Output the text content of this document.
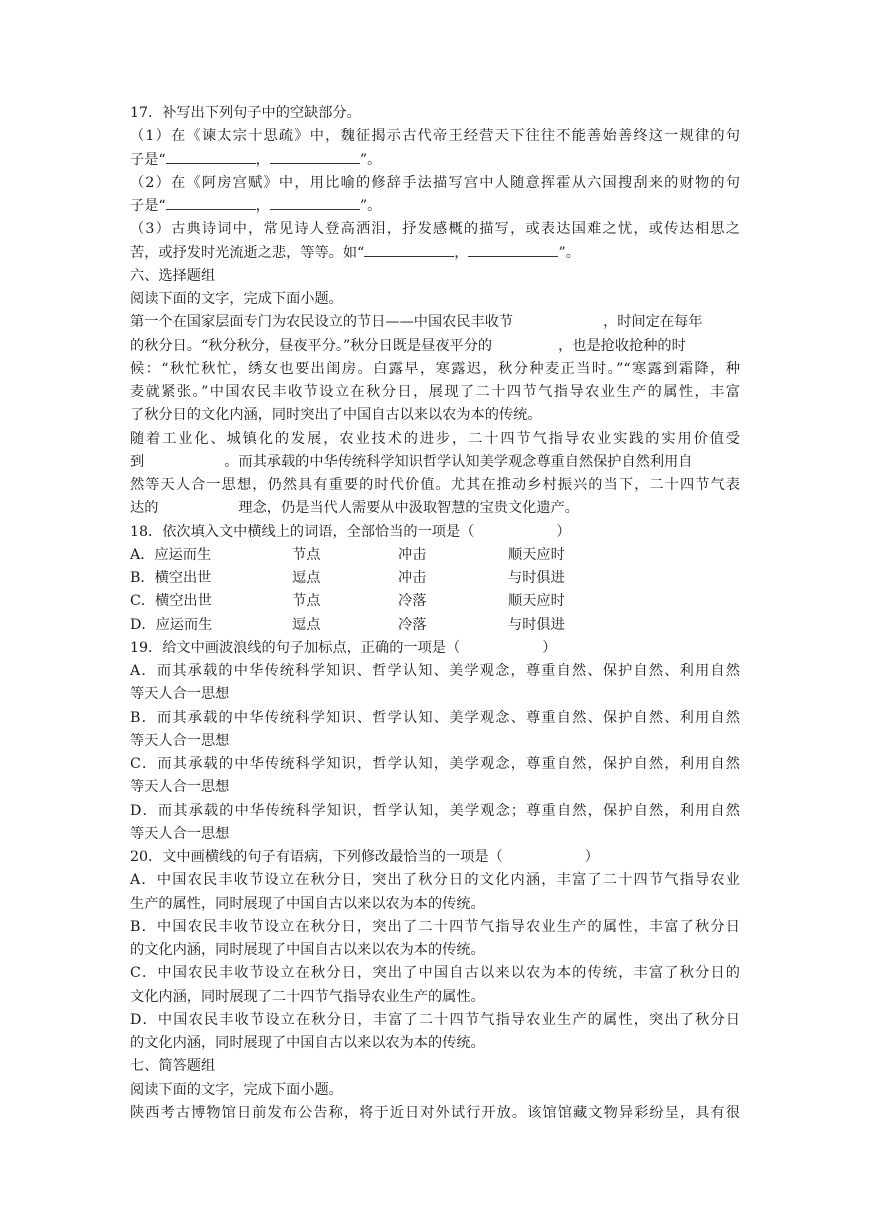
17．补写出下列句子中的空缺部分。
（1）在《谏太宗十思疏》中，魏征揭示古代帝王经营天下往往不能善始善终这一规律的句
子是“	，	”。
（2）在《阿房宫赋》中，用比喻的修辞手法描写宫中人随意挥霍从六国搜刮来的财物的句
子是“	，	”。
（3）古典诗词中，常见诗人登高洒泪，抒发感概的描写，或表达国难之忧，或传达相思之
苦，或抒发时光流逝之悲，等等。如“	，	”。
六、选择题组
阅读下面的文字，完成下面小题。
第一个在国家层面专门为农民设立的节日——中国农民丰收节	，时间定在每年
的秋分日。“秋分秋分，昼夜平分。”秋分日既是昼夜平分的	，也是抢收抢种的时
候：“秋忙秋忙，绣女也要出闺房。白露早，寒露迟，秋分种麦正当时。”“寒露到霜降，种
麦就紧张。”中国农民丰收节设立在秋分日，展现了二十四节气指导农业生产的属性，丰富
了秋分日的文化内涵，同时突出了中国自古以来以农为本的传统。
随着工业化、城镇化的发展，农业技术的进步，二十四节气指导农业实践的实用价值受
到	。而其承载的中华传统科学知识哲学认知美学观念尊重自然保护自然利用自
然等天人合一思想，仍然具有重要的时代价值。尤其在推动乡村振兴的当下，二十四节气表
达的	理念，仍是当代人需要从中汲取智慧的宝贵文化遗产。
18．依次填入文中横线上的词语，全部恰当的一项是（	）
A．应运而生	节点	冲击	顺天应时
B．横空出世	逗点	冲击	与时俱进
C．横空出世	节点	冷落	顺天应时
D．应运而生	逗点	冷落	与时俱进
19．给文中画波浪线的句子加标点，正确的一项是（	）
A．而其承载的中华传统科学知识、哲学认知、美学观念，尊重自然、保护自然、利用自然
等天人合一思想
B．而其承载的中华传统科学知识、哲学认知、美学观念、尊重自然、保护自然、利用自然
等天人合一思想
C．而其承载的中华传统科学知识，哲学认知，美学观念，尊重自然，保护自然，利用自然
等天人合一思想
D．而其承载的中华传统科学知识，哲学认知，美学观念；尊重自然，保护自然，利用自然
等天人合一思想
20．文中画横线的句子有语病，下列修改最恰当的一项是（	）
A．中国农民丰收节设立在秋分日，突出了秋分日的文化内涵，丰富了二十四节气指导农业
生产的属性，同时展现了中国自古以来以农为本的传统。
B．中国农民丰收节设立在秋分日，突出了二十四节气指导农业生产的属性，丰富了秋分日
的文化内涵，同时展现了中国自古以来以农为本的传统。
C．中国农民丰收节设立在秋分日，突出了中国自古以来以农为本的传统，丰富了秋分日的
文化内涵，同时展现了二十四节气指导农业生产的属性。
D．中国农民丰收节设立在秋分日，丰富了二十四节气指导农业生产的属性，突出了秋分日
的文化内涵，同时展现了中国自古以来以农为本的传统。
七、简答题组
阅读下面的文字，完成下面小题。
陕西考古博物馆日前发布公告称，将于近日对外试行开放。该馆馆藏文物异彩纷呈，具有很
